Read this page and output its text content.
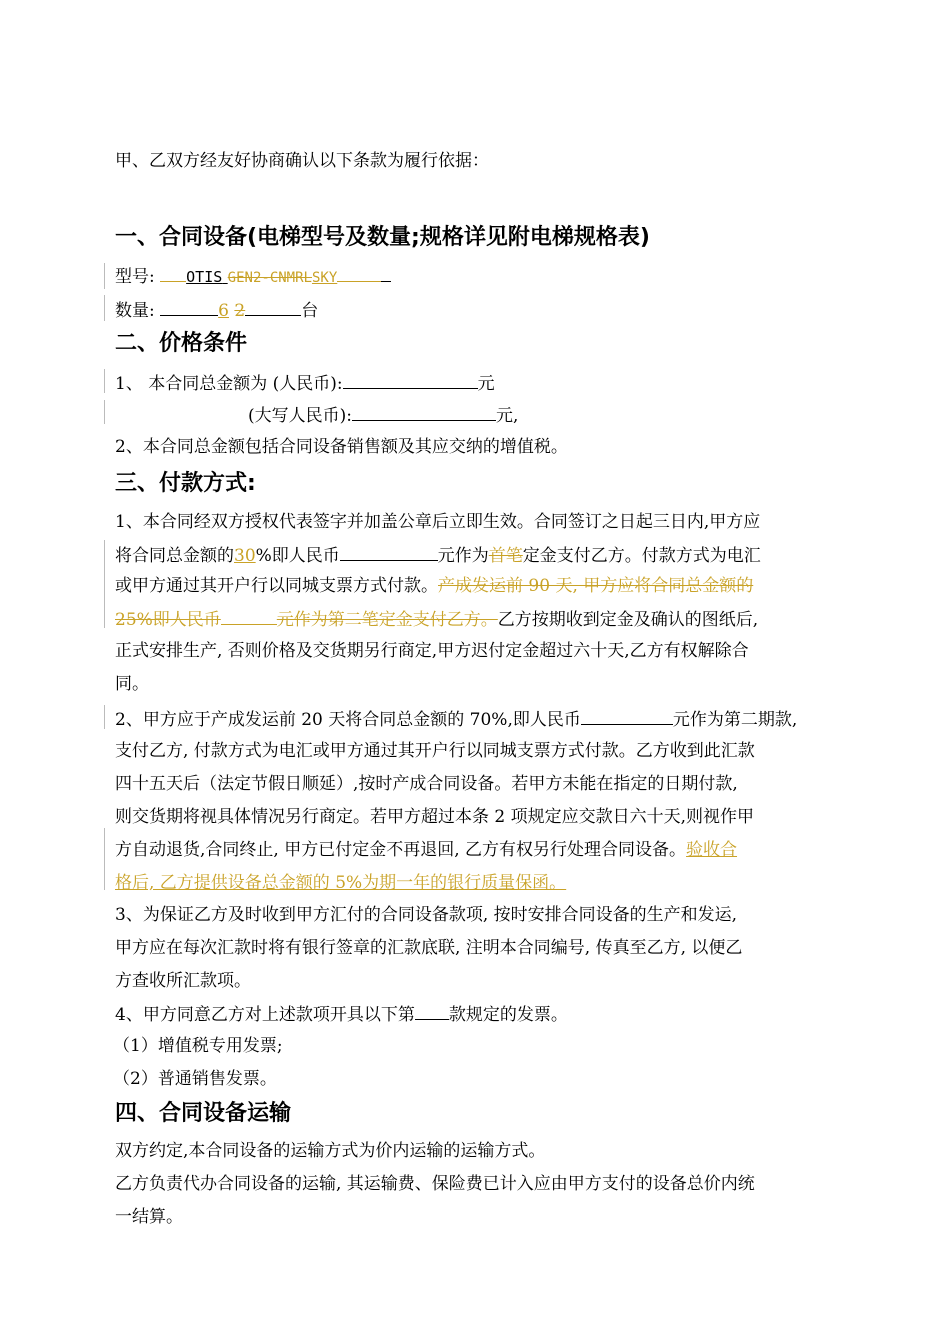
甲、乙双方经友好协商确认以下条款为履行依据：
一、合同设备(电梯型号及数量;规格详见附电梯规格表)
型号: OTIS GEN2-CNMRLSKY
数量:	6 2	台
二、价格条件
1、 本合同总金额为 (人民币):	元
(大写人民币):	元,
2、本合同总金额包括合同设备销售额及其应交纳的增值税。
三、付款方式:
1、本合同经双方授权代表签字并加盖公章后立即生效。合同签订之日起三日内,甲方应
将合同总金额的30%即人民币	元作为首笔定金支付乙方。付款方式为电汇
或甲方通过其开户行以同城支票方式付款。产成发运前 90 天, 甲方应将合同总金额的
25%即人民币	元作为第二笔定金支付乙方。乙方按期收到定金及确认的图纸后,
正式安排生产, 否则价格及交货期另行商定,甲方迟付定金超过六十天,乙方有权解除合
同。
2、甲方应于产成发运前 20 天将合同总金额的 70%,即人民币	元作为第二期款,
支付乙方, 付款方式为电汇或甲方通过其开户行以同城支票方式付款。乙方收到此汇款
四十五天后（法定节假日顺延）,按时产成合同设备。若甲方未能在指定的日期付款,
则交货期将视具体情况另行商定。若甲方超过本条 2 项规定应交款日六十天,则视作甲
方自动退货,合同终止, 甲方已付定金不再退回, 乙方有权另行处理合同设备。验收合
格后, 乙方提供设备总金额的 5%为期一年的银行质量保函。
3、为保证乙方及时收到甲方汇付的合同设备款项, 按时安排合同设备的生产和发运,
甲方应在每次汇款时将有银行签章的汇款底联, 注明本合同编号, 传真至乙方, 以便乙
方查收所汇款项。
4、甲方同意乙方对上述款项开具以下第 款规定的发票。
（1）增值税专用发票;
（2）普通销售发票。
四、合同设备运输
双方约定,本合同设备的运输方式为价内运输的运输方式。
乙方负责代办合同设备的运输, 其运输费、保险费已计入应由甲方支付的设备总价内统
一结算。
